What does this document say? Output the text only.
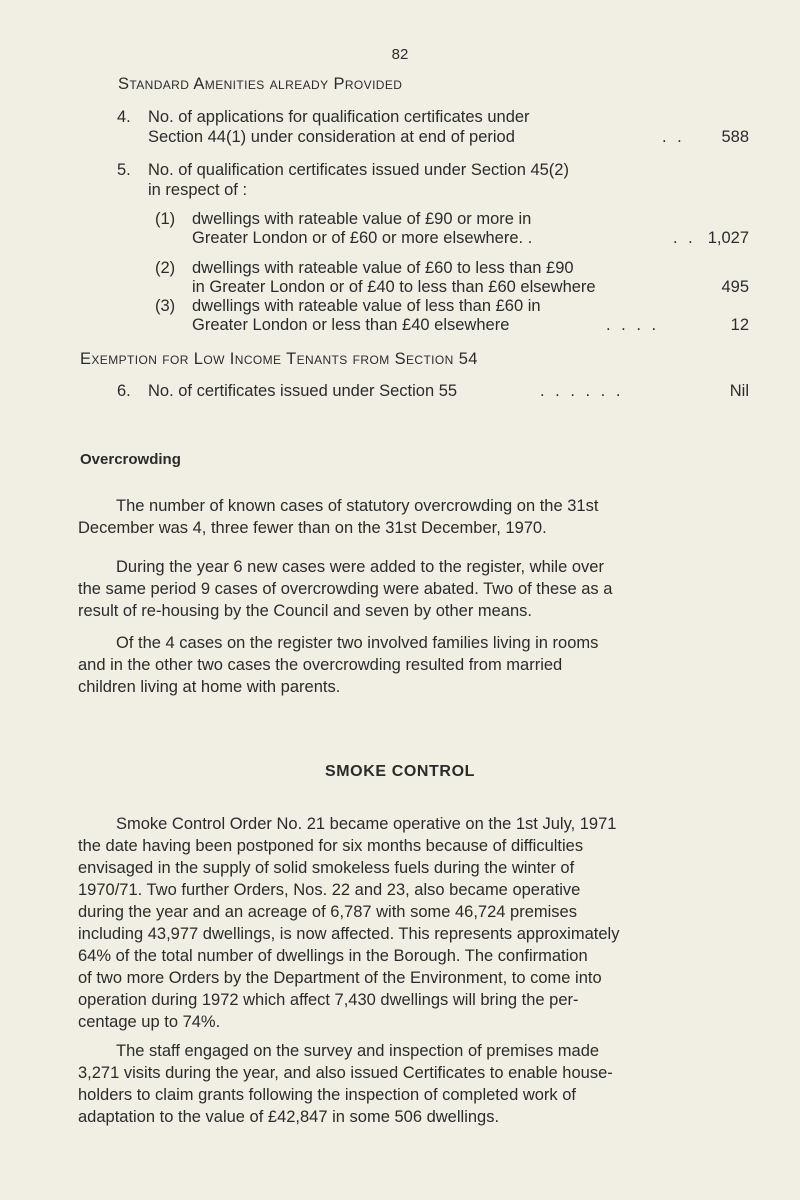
82
Standard Amenities already Provided
4. No. of applications for qualification certificates under
Section 44(1) under consideration at end of period	. .	588
5. No. of qualification certificates issued under Section 45(2)
in respect of :
(1) dwellings with rateable value of £90 or more in
Greater London or of £60 or more elsewhere. .	. . 1,027
(2) dwellings with rateable value of £60 to less than £90
in Greater London or of £40 to less than £60 elsewhere	495
(3) dwellings with rateable value of less than £60 in
Greater London or less than £40 elsewhere	. . . .	12
Exemption for Low Income Tenants from Section 54
6. No. of certificates issued under Section 55	. . . . . .	Nil
Overcrowding
The number of known cases of statutory overcrowding on the 31st
December was 4, three fewer than on the 31st December, 1970.
During the year 6 new cases were added to the register, while over
the same period 9 cases of overcrowding were abated. Two of these as a
result of re-housing by the Council and seven by other means.
Of the 4 cases on the register two involved families living in rooms
and in the other two cases the overcrowding resulted from married
children living at home with parents.
SMOKE CONTROL
Smoke Control Order No. 21 became operative on the 1st July, 1971
the date having been postponed for six months because of difficulties
envisaged in the supply of solid smokeless fuels during the winter of
1970/71. Two further Orders, Nos. 22 and 23, also became operative
during the year and an acreage of 6,787 with some 46,724 premises
including 43,977 dwellings, is now affected. This represents approximately
64% of the total number of dwellings in the Borough. The confirmation
of two more Orders by the Department of the Environment, to come into
operation during 1972 which affect 7,430 dwellings will bring the per-
centage up to 74%.
The staff engaged on the survey and inspection of premises made
3,271 visits during the year, and also issued Certificates to enable house-
holders to claim grants following the inspection of completed work of
adaptation to the value of £42,847 in some 506 dwellings.
